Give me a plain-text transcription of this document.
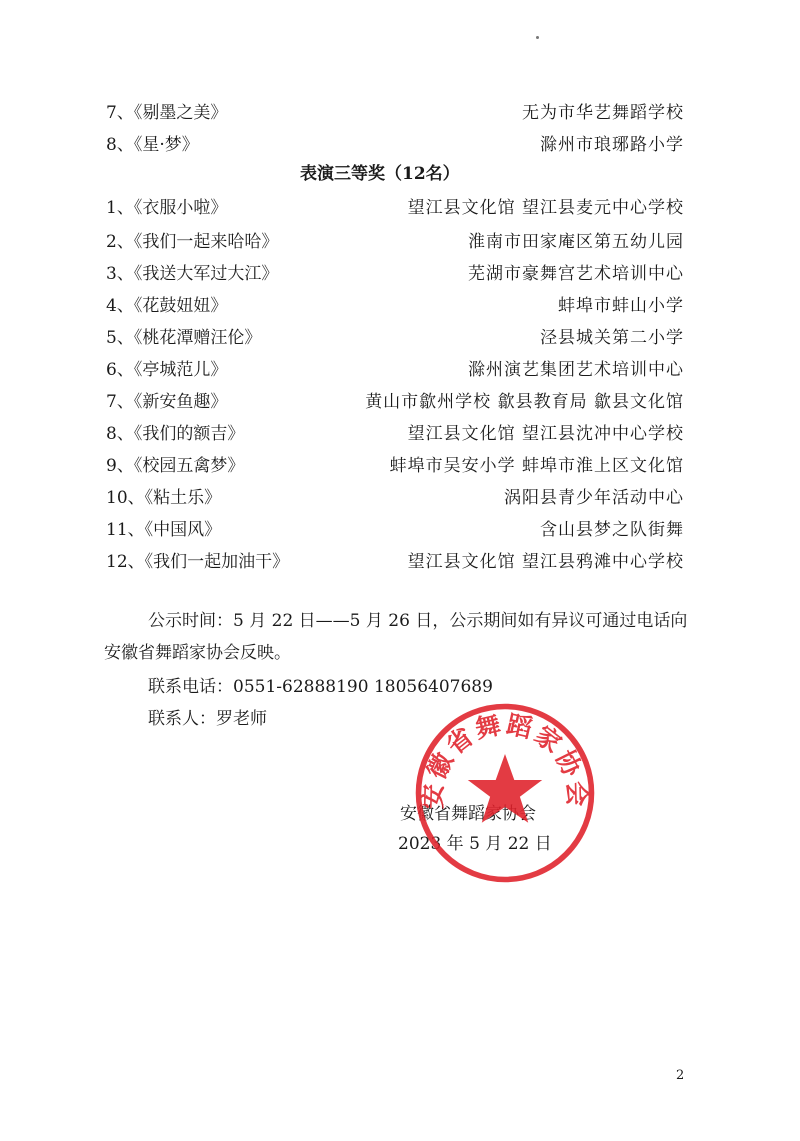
7、《剔墨之美》	无为市华艺舞蹈学校
8、《星·梦》	滁州市琅琊路小学
表演三等奖（12名）
1、《衣服小啦》	望江县文化馆 望江县麦元中心学校
2、《我们一起来哈哈》	淮南市田家庵区第五幼儿园
3、《我送大军过大江》	芜湖市豪舞宫艺术培训中心
4、《花鼓妞妞》	蚌埠市蚌山小学
5、《桃花潭赠汪伦》	泾县城关第二小学
6、《亭城范儿》	滁州演艺集团艺术培训中心
7、《新安鱼趣》	黄山市歙州学校 歙县教育局 歙县文化馆
8、《我们的额吉》	望江县文化馆 望江县沈冲中心学校
9、《校园五禽梦》	蚌埠市吴安小学 蚌埠市淮上区文化馆
10、《粘土乐》	涡阳县青少年活动中心
11、《中国风》	含山县梦之队街舞
12、《我们一起加油干》	望江县文化馆 望江县鸦滩中心学校
公示时间：5 月 22 日——5 月 26 日，公示期间如有异议可通过电话向安徽省舞蹈家协会反映。
联系电话：0551-62888190 18056407689
联系人：罗老师
安徽省舞蹈家协会
2023 年 5 月 22 日
安徽省舞蹈家协会
2
